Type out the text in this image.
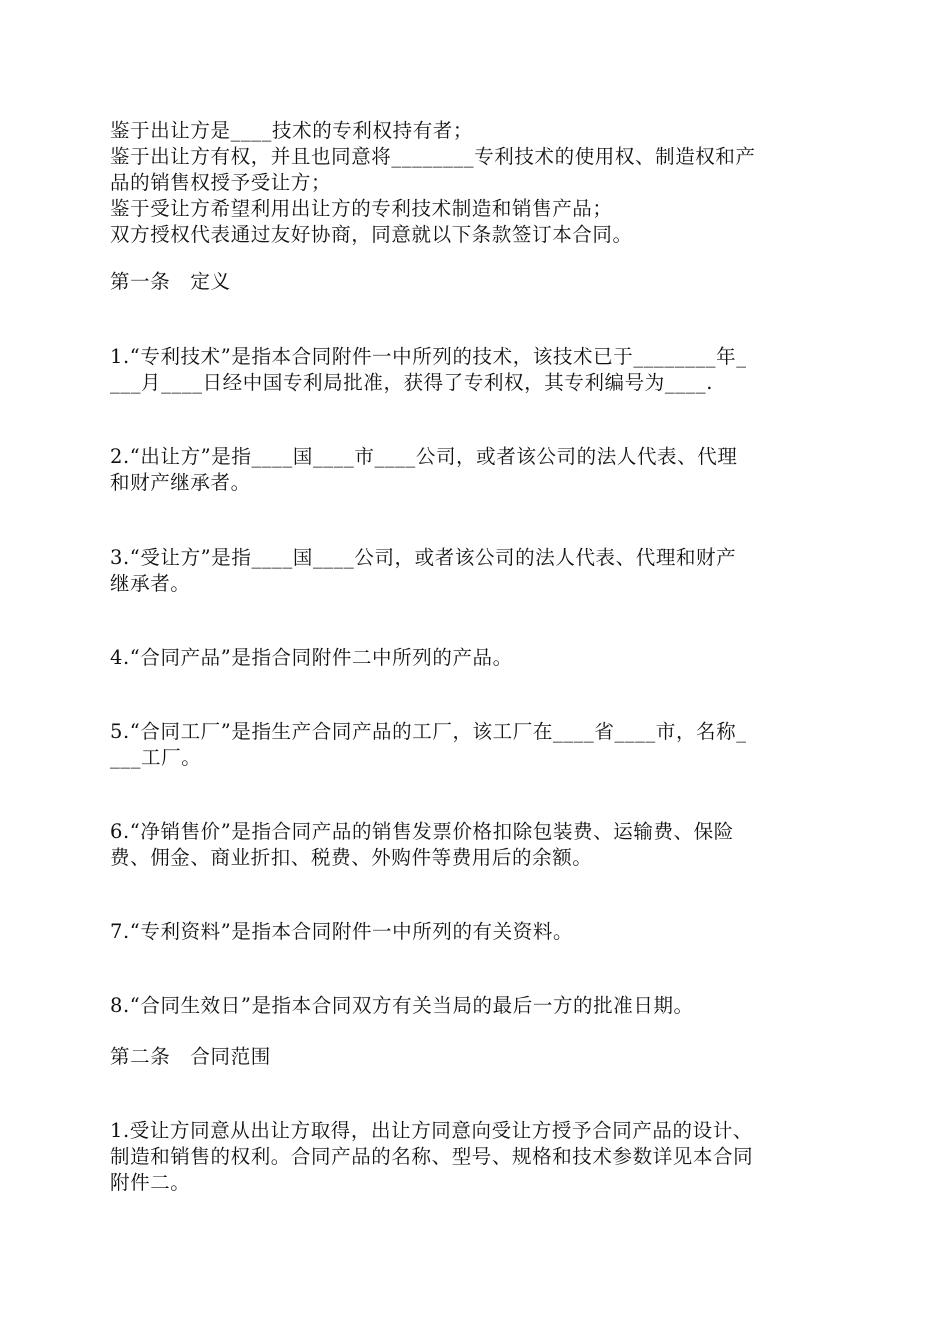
鉴于出让方是____技术的专利权持有者；
鉴于出让方有权，并且也同意将________专利技术的使用权、制造权和产
品的销售权授予受让方；
鉴于受让方希望利用出让方的专利技术制造和销售产品；
双方授权代表通过友好协商，同意就以下条款签订本合同。
第一条　定义
1.“专利技术”是指本合同附件一中所列的技术，该技术已于________年_
___月____日经中国专利局批准，获得了专利权，其专利编号为____.
2.“出让方”是指____国____市____公司，或者该公司的法人代表、代理
和财产继承者。
3.“受让方”是指____国____公司，或者该公司的法人代表、代理和财产
继承者。
4.“合同产品”是指合同附件二中所列的产品。
5.“合同工厂”是指生产合同产品的工厂，该工厂在____省____市，名称_
___工厂。
6.“净销售价”是指合同产品的销售发票价格扣除包装费、运输费、保险
费、佣金、商业折扣、税费、外购件等费用后的余额。
7.“专利资料”是指本合同附件一中所列的有关资料。
8.“合同生效日”是指本合同双方有关当局的最后一方的批准日期。
第二条　合同范围
1.受让方同意从出让方取得，出让方同意向受让方授予合同产品的设计、
制造和销售的权利。合同产品的名称、型号、规格和技术参数详见本合同
附件二。
